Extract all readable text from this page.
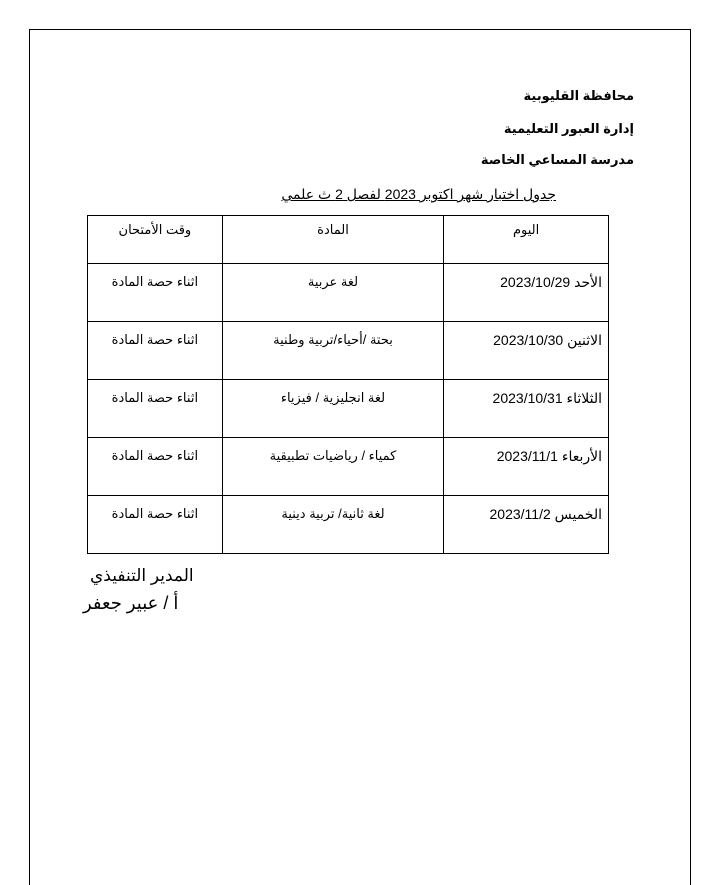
محافظة القليوبية
إدارة العبور التعليمية
مدرسة المساعي الخاصة
جدول اختبار شهر اكتوبر 2023 لفصل 2 ث علمي
اليوم	المادة	وقت الأمتحان
الأحد 2023/10/29	لغة عربية	اثناء حصة المادة
الاثنين 2023/10/30	بحتة /أحياء/تربية وطنية	اثناء حصة المادة
الثلاثاء 2023/10/31	لغة انجليزية / فيزياء	اثناء حصة المادة
الأربعاء 2023/11/1	كمياء / رياضيات تطبيقية	اثناء حصة المادة
الخميس 2023/11/2	لغة ثانية/ تربية دينية	اثناء حصة المادة
المدير التنفيذي
أ / عبير جعفر
